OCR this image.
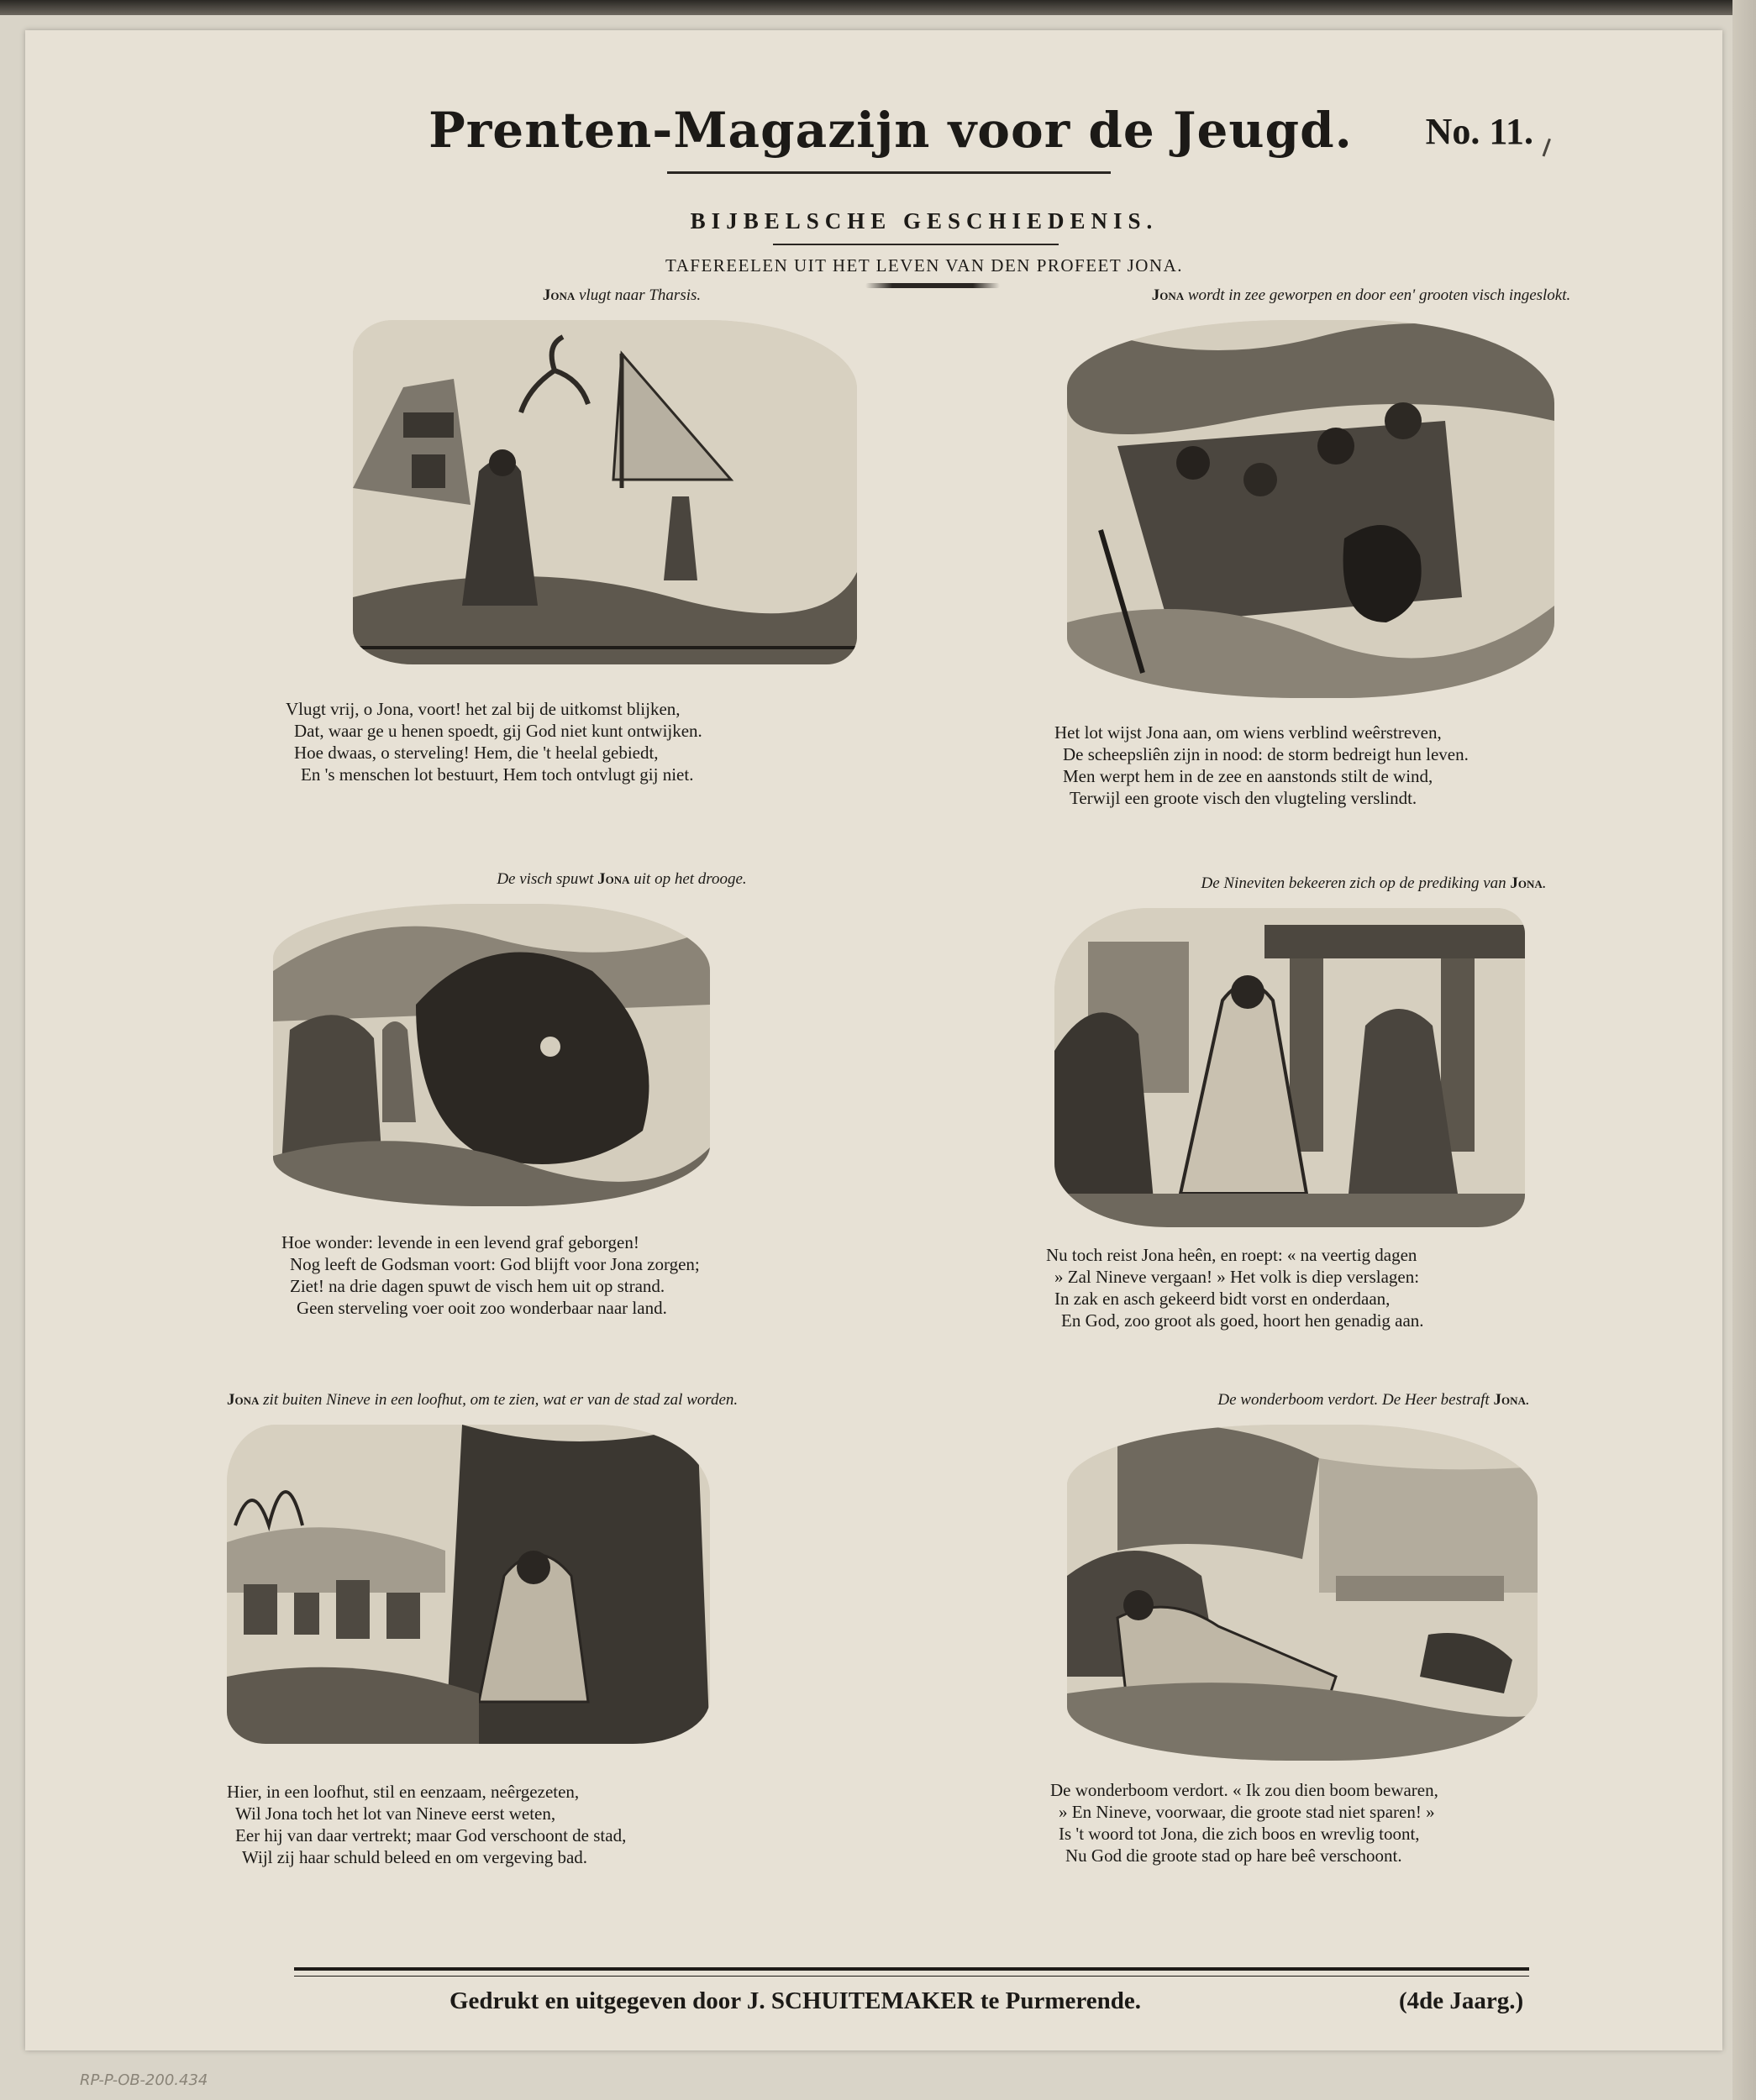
Prenten-Magazijn voor de Jeugd.	No. 11.
BIJBELSCHE GESCHIEDENIS.
TAFEREELEN UIT HET LEVEN VAN DEN PROFEET JONA.
Jona vlugt naar Tharsis.
Vlugt vrij, o Jona, voort! het zal bij de uitkomst blijken,
Dat, waar ge u henen spoedt, gij God niet kunt ontwijken.
Hoe dwaas, o sterveling! Hem, die 't heelal gebiedt,
En 's menschen lot bestuurt, Hem toch ontvlugt gij niet.
Jona wordt in zee geworpen en door een' grooten visch ingeslokt.
Het lot wijst Jona aan, om wiens verblind weêrstreven,
De scheepsliên zijn in nood: de storm bedreigt hun leven.
Men werpt hem in de zee en aanstonds stilt de wind,
Terwijl een groote visch den vlugteling verslindt.
De visch spuwt Jona uit op het drooge.
Hoe wonder: levende in een levend graf geborgen!
Nog leeft de Godsman voort: God blijft voor Jona zorgen;
Ziet! na drie dagen spuwt de visch hem uit op strand.
Geen sterveling voer ooit zoo wonderbaar naar land.
De Nineviten bekeeren zich op de prediking van Jona.
Nu toch reist Jona heên, en roept: « na veertig dagen
» Zal Nineve vergaan! » Het volk is diep verslagen:
In zak en asch gekeerd bidt vorst en onderdaan,
En God, zoo groot als goed, hoort hen genadig aan.
Jona zit buiten Nineve in een loofhut, om te zien, wat er van de stad zal worden.
Hier, in een loofhut, stil en eenzaam, neêrgezeten,
Wil Jona toch het lot van Nineve eerst weten,
Eer hij van daar vertrekt; maar God verschoont de stad,
Wijl zij haar schuld beleed en om vergeving bad.
De wonderboom verdort. De Heer bestraft Jona.
De wonderboom verdort. « Ik zou dien boom bewaren,
» En Nineve, voorwaar, die groote stad niet sparen! »
Is 't woord tot Jona, die zich boos en wrevlig toont,
Nu God die groote stad op hare beê verschoont.
Gedrukt en uitgegeven door J. SCHUITEMAKER te Purmerende.	(4de Jaarg.)
RP-P-OB-200.434
